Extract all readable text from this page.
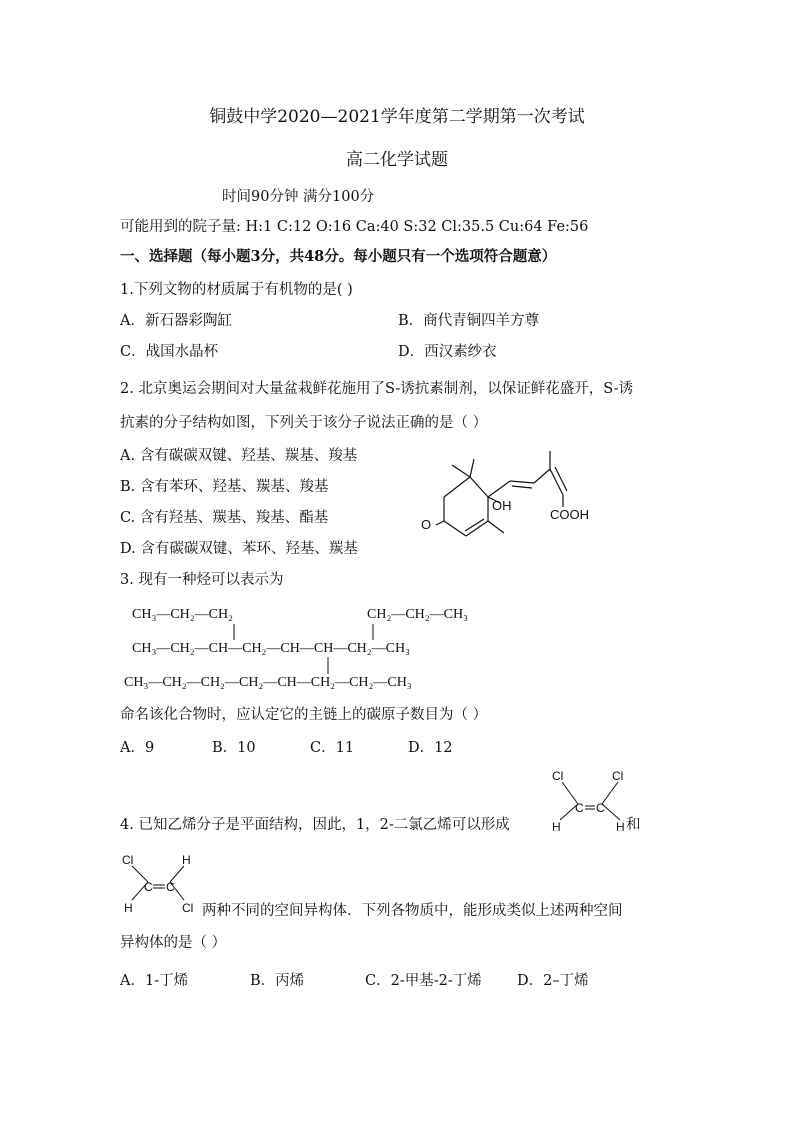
铜鼓中学2020—2021学年度第二学期第一次考试
高二化学试题
时间90分钟 满分100分
可能用到的院子量: H:1 C:12 O:16 Ca:40 S:32 Cl:35.5 Cu:64 Fe:56
一、选择题（每小题3分，共48分。每小题只有一个选项符合题意）
1.下列文物的材质属于有机物的是( )
A．新石器彩陶缸	B．商代青铜四羊方尊
C．战国水晶杯	D．西汉素纱衣
2. 北京奥运会期间对大量盆栽鲜花施用了S-诱抗素制剂，以保证鲜花盛开，S-诱
抗素的分子结构如图，下列关于该分子说法正确的是（ ）
A. 含有碳碳双键、羟基、羰基、羧基
B. 含有苯环、羟基、羰基、羧基
C. 含有羟基、羰基、羧基、酯基
D. 含有碳碳双键、苯环、羟基、羰基
OH
COOH
O
3. 现有一种烃可以表示为
CH₃—CH₂—CH₂	CH₂—CH₂—CH₃
CH₃—CH₂—CH—CH₂—CH—CH—CH₂—CH₃
CH₃—CH₂—CH₂—CH₂—CH—CH₂—CH₂—CH₃
命名该化合物时，应认定它的主链上的碳原子数目为（ ）
A．9	B．10	C．11	D．12
4. 已知乙烯分子是平面结构，因此，1，2-二氯乙烯可以形成
Cl	Cl
C C
H	H 和
Cl	H
C C
H	Cl 两种不同的空间异构体．下列各物质中，能形成类似上述两种空间
异构体的是（ ）
A．1-丁烯	B．丙烯	C．2-甲基-2-丁烯 D．2–丁烯
